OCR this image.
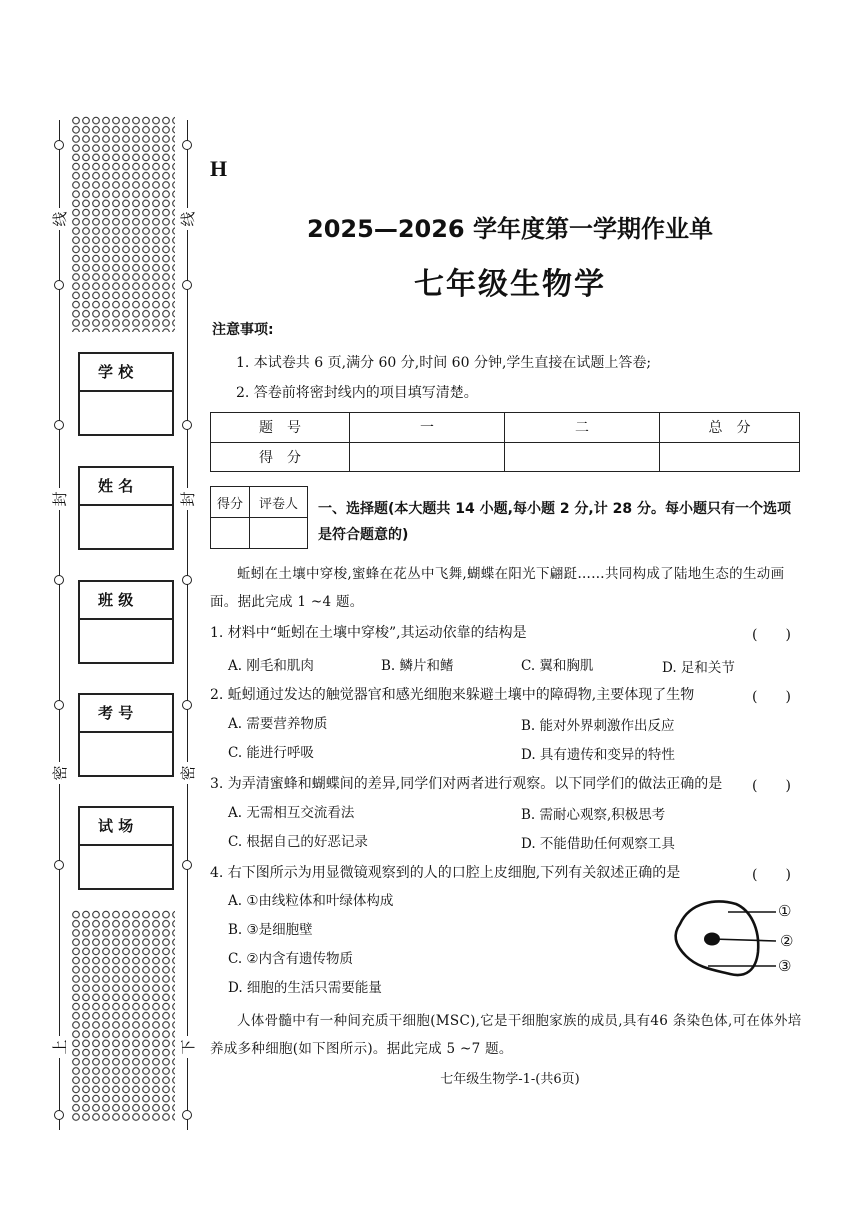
线
封
密
上
线
封
密
下
学 校
姓 名
班 级
考 号
试 场
H
2025—2026 学年度第一学期作业单
七年级生物学
注意事项:
1. 本试卷共 6 页,满分 60 分,时间 60 分钟,学生直接在试题上答卷;
2. 答卷前将密封线内的项目填写清楚。
题　号	一	二	总　分
得　分			
得分	评卷人
	一、选择题(本大题共 14 小题,每小题 2 分,计 28 分。每小题只有一个选项是符合题意的)
蚯蚓在土壤中穿梭,蜜蜂在花丛中飞舞,蝴蝶在阳光下翩跹……共同构成了陆地生态的生动画面。据此完成 1 ~4 题。
1. 材料中“蚯蚓在土壤中穿梭”,其运动依靠的结构是	(　　)
A. 刚毛和肌肉	B. 鳞片和鳍	C. 翼和胸肌	D. 足和关节
2. 蚯蚓通过发达的触觉器官和感光细胞来躲避土壤中的障碍物,主要体现了生物	(　　)
A. 需要营养物质	B. 能对外界刺激作出反应
C. 能进行呼吸	D. 具有遗传和变异的特性
3. 为弄清蜜蜂和蝴蝶间的差异,同学们对两者进行观察。以下同学们的做法正确的是 (　　)
A. 无需相互交流看法	B. 需耐心观察,积极思考
C. 根据自己的好恶记录	D. 不能借助任何观察工具
4. 右下图所示为用显微镜观察到的人的口腔上皮细胞,下列有关叙述正确的是	(　　)
A. ①由线粒体和叶绿体构成
B. ③是细胞壁
C. ②内含有遗传物质
D. 细胞的生活只需要能量
①
②
③
人体骨髓中有一种间充质干细胞(MSC),它是干细胞家族的成员,具有46 条染色体,可在体外培养成多种细胞(如下图所示)。据此完成 5 ~7 题。
七年级生物学-1-(共6页)
